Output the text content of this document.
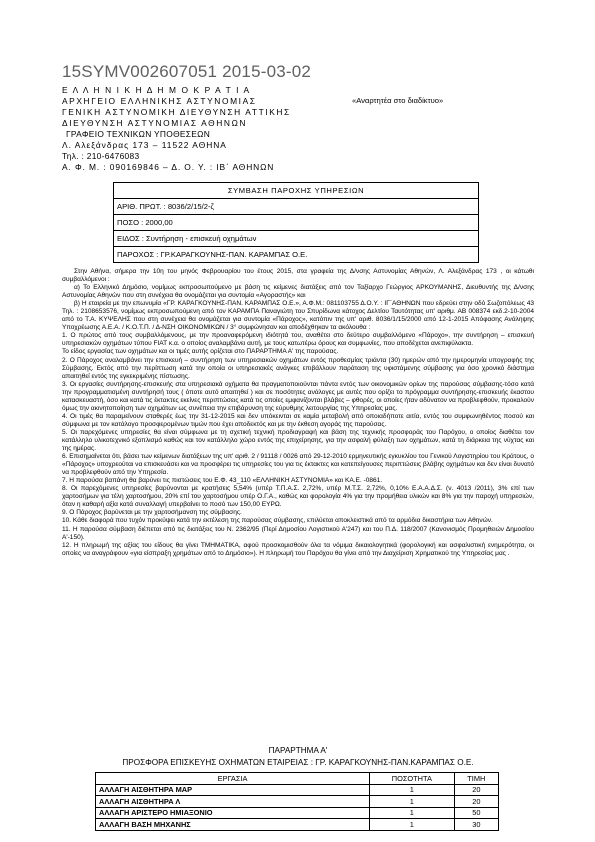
15SYMV002607051 2015-03-02
Ε Λ Λ Η Ν Ι Κ Η Δ Η Μ Ο Κ Ρ Α Τ Ι Α
ΑΡΧΗΓΕΙΟ ΕΛΛΗΝΙΚΗΣ ΑΣΤΥΝΟΜΙΑΣ
ΓΕΝΙΚΗ ΑΣΤΥΝΟΜΙΚΗ ΔΙΕΥΘΥΝΣΗ ΑΤΤΙΚΗΣ
ΔΙΕΥΘΥΝΣΗ ΑΣΤΥΝΟΜΙΑΣ ΑΘΗΝΩΝ
ΓΡΑΦΕΙΟ ΤΕΧΝΙΚΩΝ ΥΠΟΘΕΣΕΩΝ
Λ. Αλεξάνδρας 173 – 11522 ΑΘΗΝΑ
Τηλ. : 210-6476083
Α. Φ. Μ. : 090169846 – Δ. Ο. Υ. : ΙΒ΄ ΑΘΗΝΩΝ
«Αναρτητέα στο διαδίκτυο»
ΣΥΜΒΑΣΗ ΠΑΡΟΧΗΣ ΥΠΗΡΕΣΙΩΝ
ΑΡΙΘ. ΠΡΩΤ. : 8036/2/15/2-ζ
ΠΟΣΟ : 2000,00
ΕΙΔΟΣ : Συντήρηση - επισκευή οχημάτων
ΠΑΡΟΧΟΣ : ΓΡ.ΚΑΡΑΓΚΟΥΝΗΣ-ΠΑΝ. ΚΑΡΑΜΠΑΣ Ο.Ε.

Στην Αθήνα, σήμερα την 10η του μηνός Φεβρουαρίου του έτους 2015, στα γραφεία της Δ/νσης Αστυνομίας Αθηνών, Λ. Αλεξάνδρας 173 , οι κάτωθι συμβαλλόμενοι :

α) Το Ελληνικό Δημόσιο, νομίμως εκπροσωπούμενο με βάση τις κείμενες διατάξεις από τον Ταξίαρχο Γεώργιος ΑΡΚΟΥΜΑΝΗΣ, Διευθυντής της Δ/νσης Αστυνομίας Αθηνών που στη συνέχεια θα ονομάζεται για συντομία «Αγοραστής» και

β) Η εταιρεία με την επωνυμία «ΓΡ. ΚΑΡΑΓΚΟΥΝΗΣ-ΠΑΝ. ΚΑΡΑΜΠΑΣ Ο.Ε.», Α.Φ.Μ.: 081103755 Δ.Ο.Υ. : ΙΓ΄ΑΘΗΝΩΝ που εδρεύει στην οδό Σωζοπόλεως 43 Τηλ. : 2108653576, νομίμως εκπροσωπούμενη από τον ΚΑΡΑΜΠΑ Παναγιώτη του Σπυρίδωνα κάτοχος Δελτίου Ταυτότητας υπ' αριθμ. ΑΒ 008374 εκδ.2-10-2004 από το Τ.Α. ΚΥΨΕΛΗΣ που στη συνέχεια θα ονομάζεται για συντομία «Πάροχος», κατόπιν της υπ' αριθ. 8036/1/15/2000 από 12-1-2015 Απόφασης Ανάληψης Υποχρέωσης Α.Ε.Α. / Κ.Ο.Τ.Π. / Δ-ΝΣΗ ΟΙΚΟΝΟΜΙΚΩΝ / 3° συμφώνησαν και αποδέχθηκαν τα ακόλουθα :

1. Ο πρώτος από τους συμβαλλόμενους, με την προαναφερόμενη ιδιότητά του, αναθέτει στο δεύτερο συμβαλλόμενο «Πάροχο», την συντήρηση – επισκευή υπηρεσιακών οχημάτων τύπου FIAT κ.α. ο οποίος αναλαμβάνει αυτή, με τους κατωτέρω όρους και συμφωνίες, που αποδέχεται ανεπιφύλακτα.

Το είδος εργασίας των οχημάτων και οι τιμές αυτής ορίζεται στο ΠΑΡΑΡΤΗΜΑ Α' της παρούσας.

2. Ο Πάροχος αναλαμβάνει την επισκευή – συντήρηση των υπηρεσιακών οχημάτων εντός προθεσμίας τριάντα (30) ημερών από την ημερομηνία υπογραφής της Σύμβασης. Εκτός από την περίπτωση κατά την οποία οι υπηρεσιακές ανάγκες επιβάλλουν παράταση της υφιστάμενης σύμβασης για όσο χρονικό διάστημα απαιτηθεί εντός της εγκεκριμένης πίστωσης.

3. Οι εργασίες συντήρησης-επισκευής στα υπηρεσιακά οχήματα θα πραγματοποιούνται πάντα εντός των οικονομικών ορίων της παρούσας σύμβασης-τόσο κατά την προγραμματισμένη συντήρησή τους ( όποτε αυτό απαιτηθεί ) και σε ποσότητες ανάλογες με αυτές που ορίζει το πρόγραμμα συντήρησης-επισκευής έκαστου κατασκευαστή, όσο και κατά τις έκτακτες εκείνες περιπτώσεις κατά τις οποίες εμφανίζονται βλάβες – φθορές, οι οποίες ήταν αδύνατον να προβλεφθούν, προκαλούν όμως την ακινητοποίηση των οχημάτων ως συνέπεια την επιβάρυνση της εύρυθμης λειτουργίας της Υπηρεσίας μας.

4. Οι τιμές θα παραμείνουν σταθερές έως την 31-12-2015 και δεν υπόκεινται σε καμία μεταβολή από οποιαδήποτε αιτία, εντός του συμφωνηθέντος ποσού και σύμφωνα με τον κατάλογο προσφερομένων τιμών που έχει αποδεκτός και με την έκθεση αγοράς της παρούσας.

5. Οι παρεχόμενες υπηρεσίες θα είναι σύμφωνα με τη σχετική τεχνική προδιαγραφή και βάση της τεχνικής προσφοράς του Παρόχου, ο οποίος διαθέτει τον κατάλληλο υλικοτεχνικό εξοπλισμό καθώς και τον κατάλληλο χώρο εντός της επιχείρησης, για την ασφαλή φύλαξη των οχημάτων, κατά τη διάρκεια της νύχτας και της ημέρας.

6. Επισημαίνεται ότι, βάσει των κείμενων διατάξεων της υπ' αριθ. 2 / 91118 / 0026 από 29-12-2010 ερμηνευτικής εγκυκλίου του Γενικού Λογιστηρίου του Κράτους, ο «Πάροχος» υποχρεούται να επισκευάσει και να προσφέρει τις υπηρεσίες του για τις έκτακτες και κατεπείγουσες περιπτώσεις βλάβης οχημάτων και δεν είναι δυνατό να προβλεφθούν από την Υπηρεσία.

7. Η παρούσα βαπάνη θα βαρύνει τις πιστώσεις του Ε.Φ. 43_110 «ΕΛΛΗΝΙΚΗ ΑΣΤΥΝΟΜΙΑ» και ΚΑ.Ε. -0861.

8. Οι παρεχόμενες υπηρεσίες βαρύνονται με κρατήσεις 5,54% (υπέρ Τ.Π.Α.Σ. 2,72%, υπέρ Μ.Τ.Σ. 2,72%, 0,10% Ε.Α.Α.Δ.Σ. (ν. 4013 /2011), 3% επί των χαρτοσήμων για τέλη χαρτοσήμου, 20% επί του χαρτοσήμου υπέρ Ο.Γ.Α., καθώς και φορολογία 4% για την προμήθεια υλικών και 8% για την παροχή υπηρεσιών, όταν η καθαρή αξία κατά συναλλαγή υπερβαίνει το ποσό των 150,00 ΕΥΡΩ.

9. Ο Πάροχος βαρύνεται με την χαρτοσήμανση της σύμβασης.

10. Κάθε διαφορά που τυχόν προκύψει κατά την εκτέλεση της παρούσας σύμβασης, επιλύεται αποκλειστικά από τα αρμόδια δικαστήρια των Αθηνών.

11. Η παρούσα σύμβαση διέπεται από τις διατάξεις του Ν. 2362/95 (Περί Δημοσίου Λογιστικού Α'247) και του Π.Δ. 118/2007 (Κανονισμός Προμηθειών Δημοσίου Α'-150).

12. Η πληρωμή της αξίας του είδους θα γίνει ΤΜΗΜΑΤΙΚΑ, αφού προσκομισθούν όλα τα νόμιμα δικαιολογητικά (φορολογική και ασφαλιστική ενημερότητα, οι οποίες να αναγράφουν «για είσπραξη χρημάτων από το Δημόσιο»). Η πληρωμή του Παρόχου θα γίνει από την Διαχείριση Χρηματικού της Υπηρεσίας μας .

ΠΑΡΑΡΤΗΜΑ Α'
ΠΡΟΣΦΟΡΑ ΕΠΙΣΚΕΥΗΣ ΟΧΗΜΑΤΩΝ ΕΤΑΙΡΕΙΑΣ : ΓΡ. ΚΑΡΑΓΚΟΥΝΗΣ-ΠΑΝ.ΚΑΡΑΜΠΑΣ Ο.Ε.
ΕΡΓΑΣΙΑ	ΠΟΣΟΤΗΤΑ	ΤΙΜΗ
ΑΛΛΑΓΗ ΑΙΣΘΗΤΗΡΑ MAP	1	20
ΑΛΛΑΓΗ ΑΙΣΘΗΤΗΡΑ Λ	1	20
ΑΛΛΑΓΗ ΑΡΙΣΤΕΡΟ ΗΜΙΑΞΟΝΙΟ	1	50
ΑΛΛΑΓΗ ΒΑΣΗ ΜΗΧΑΝΗΣ	1	30
